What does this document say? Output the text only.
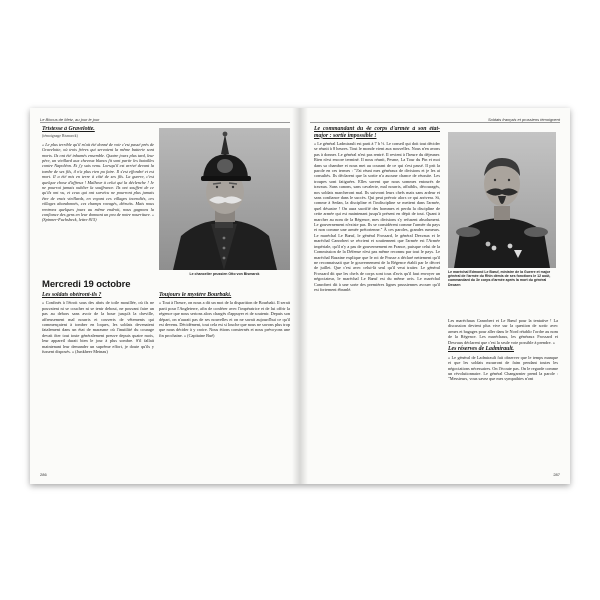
Le Blocus de Metz, au jour le jour
Tristesse à Gravelotte.
(témoignage Bismarck)

« Le plus terrible qu'il m'ait été donné de voir c'est passé près de Gravelotte, où trois frères qui servaient la même batterie sont morts. Ils ont été inhumés ensemble. Quatre jours plus tard, leur père, un vieillard aux cheveux blancs fit sont partir les batailles contre Napoléon. Et j'y suis venu. Lorsqu'il est arrivé devant la tombe de ses fils, il n'a plus rien pu faire. Il s'est effondré et est mort. Il a été mis en terre à côté de ses fils. La guerre, c'est quelque chose d'affreux ! Malheur à celui qui la déclenche ! Je ne pourrai jamais oublier la souffrance. Ils ont souffert de ce qu'ils ont vu, et ceux qui ont survécu ne pourront plus jamais être de vrais vieillards, en voyant ces villages incendiés, ces villages abandonnés, ces champs ravagés, détruits. Mais nous rentrons quelques jours au même endroit, nous gagnons la confiance des gens en leur donnant un peu de notre nourriture. » (Spinner-Fuchsbeck, lettre 815)

Le chancelier prussien Otto von Bismarck
Mercredi 19 octobre
Les soldats obéiront-ils ?

« Confinés à l'étroit sous des abris de toile mouillée, où ils ne pouvaient ni se coucher ni se tenir debout, ne pouvant faire un pas au dehors sans avoir de la boue jusqu'à la cheville, affreusement mal nourris et couverts de vêtements qui commençaient à tomber en loques, les soldats devenaient fatalement dans un état de marasme où l'inutilité du courage devait ôter tout toute généralement preuve depuis quatre mois, leur appareil durait bien le jour à plus sombre. S'il fallait maintenant leur demander un suprême effort, je doute qu'ils y fussent disposés. » (Junkheer Meinau)

Toujours le mystère Bourbaki.

« Tout à l'heure, on nous a dit un mot de la disparition de Bourbaki. Il serait parti pour l'Angleterre, afin de conférer avec l'impératrice et de lui offrir la régence que nous serions alors chargés d'appuyer et de soutenir. Depuis son départ, on n'aurait pas de ses nouvelles et on ne savait aujourd'hui ce qu'il est devenu. Décidément, tout cela est si louche que nous ne savons plus trop que nous décider à y croire. Nous étions consternés et nous prévoyons une fin prochaine. » (Capitaine Bué)

286
Soldats français et prussiens témoignent
Le commandant du 4e corps d'armée à son état-major : sortie impossible !

« Le général Ladmirault est parti à 7 h ½. Le conseil qui doit tout décider se réunit à 8 heures. Tout le monde vient aux nouvelles. Nous n'en avons pas à donner. Le général n'est pas rentré. Il revient à l'heure du déjeuner. Rien n'est encore terminé. Il nous réunit, Pesme, La Tour du Pin et moi dans sa chambre et nous met au courant de ce qui s'est passé. Il prit la parole en ces termes : "J'ai réuni mes généraux de divisions et je les ai consultés. Ils déclarent que la sortie n'a aucune chance de réussite. Les troupes sont fatiguées. Elles savent que nous sommes entourés de travaux. Sans canons, sans cavalerie, mal nourris, affaiblis, découragés, nos soldats marcheront mal. Ils suivront leurs chefs mais sans ardeur et sans confiance dans le succès. Qui peut prévoir alors ce qui arrivera. Si, comme à Sedan, la discipline et l'indiscipline se mettent dans l'armée, quel désastre ! On aura sacrifié des hommes et perdu la discipline de cette armée qui est maintenant jusqu'à présent en dépit de tout. Quant à marcher au nom de la Régence, mes divisions s'y refusent absolument. Le gouvernement n'existe pas. Ils se considèrent comme l'armée du pays et non comme une armée prétorienne." À ces paroles, grandes rumeurs. Le maréchal Le Bœuf, le général Frossard, le général Desvaux et le maréchal Canrobert se récrient et soutiennent que l'armée est l'Armée impériale, qu'il n'y a pas de gouvernement en France, puisque celui de la Commission de la Défense n'est pas même reconnu par tout le pays. Le maréchal Bazaine explique que le roi de Prusse a déclaré nettement qu'il ne reconnaissait que le gouvernement de la Régence établi par le décret de juillet. Que c'est avec celui-là seul qu'il veut traiter. Le général Frossard dit que les chefs de corps sont tous d'avis qu'il faut envoyer un négociateur, le maréchal Le Bœuf est du même avis. Le maréchal Canrobert dit à une sorte des premières lignes prussiennes avouer qu'il est fortement ébranlé.

Le maréchal Edmond Le Bœuf, ministre de la Guerre et major général de l'armée du Rhin démis de ses fonctions le 12 août, commandant du 3e corps d'armée après la mort du général Decaen

Les maréchaux Canrobert et Le Bœuf pour la tentative ! La discussion devient plus vive sur la question de sortir avec armes et bagages pour aller dans le Nord rétablir l'ordre au nom de la Régence. Les maréchaux, les généraux Frossard et Desvaux déclarent que c'est la seule voie possible à prendre. »

Les réserves de Ladmirault.

« Le général de Ladmirault fait observer que le temps manque et que les soldats mourront de faim pendant toutes les négociations nécessaires. On l'écoute pas. On le regarde comme un révolutionnaire. Le général Changarnier prend la parole : "Messieurs, vous savez que mes sympathies n'ont

287
